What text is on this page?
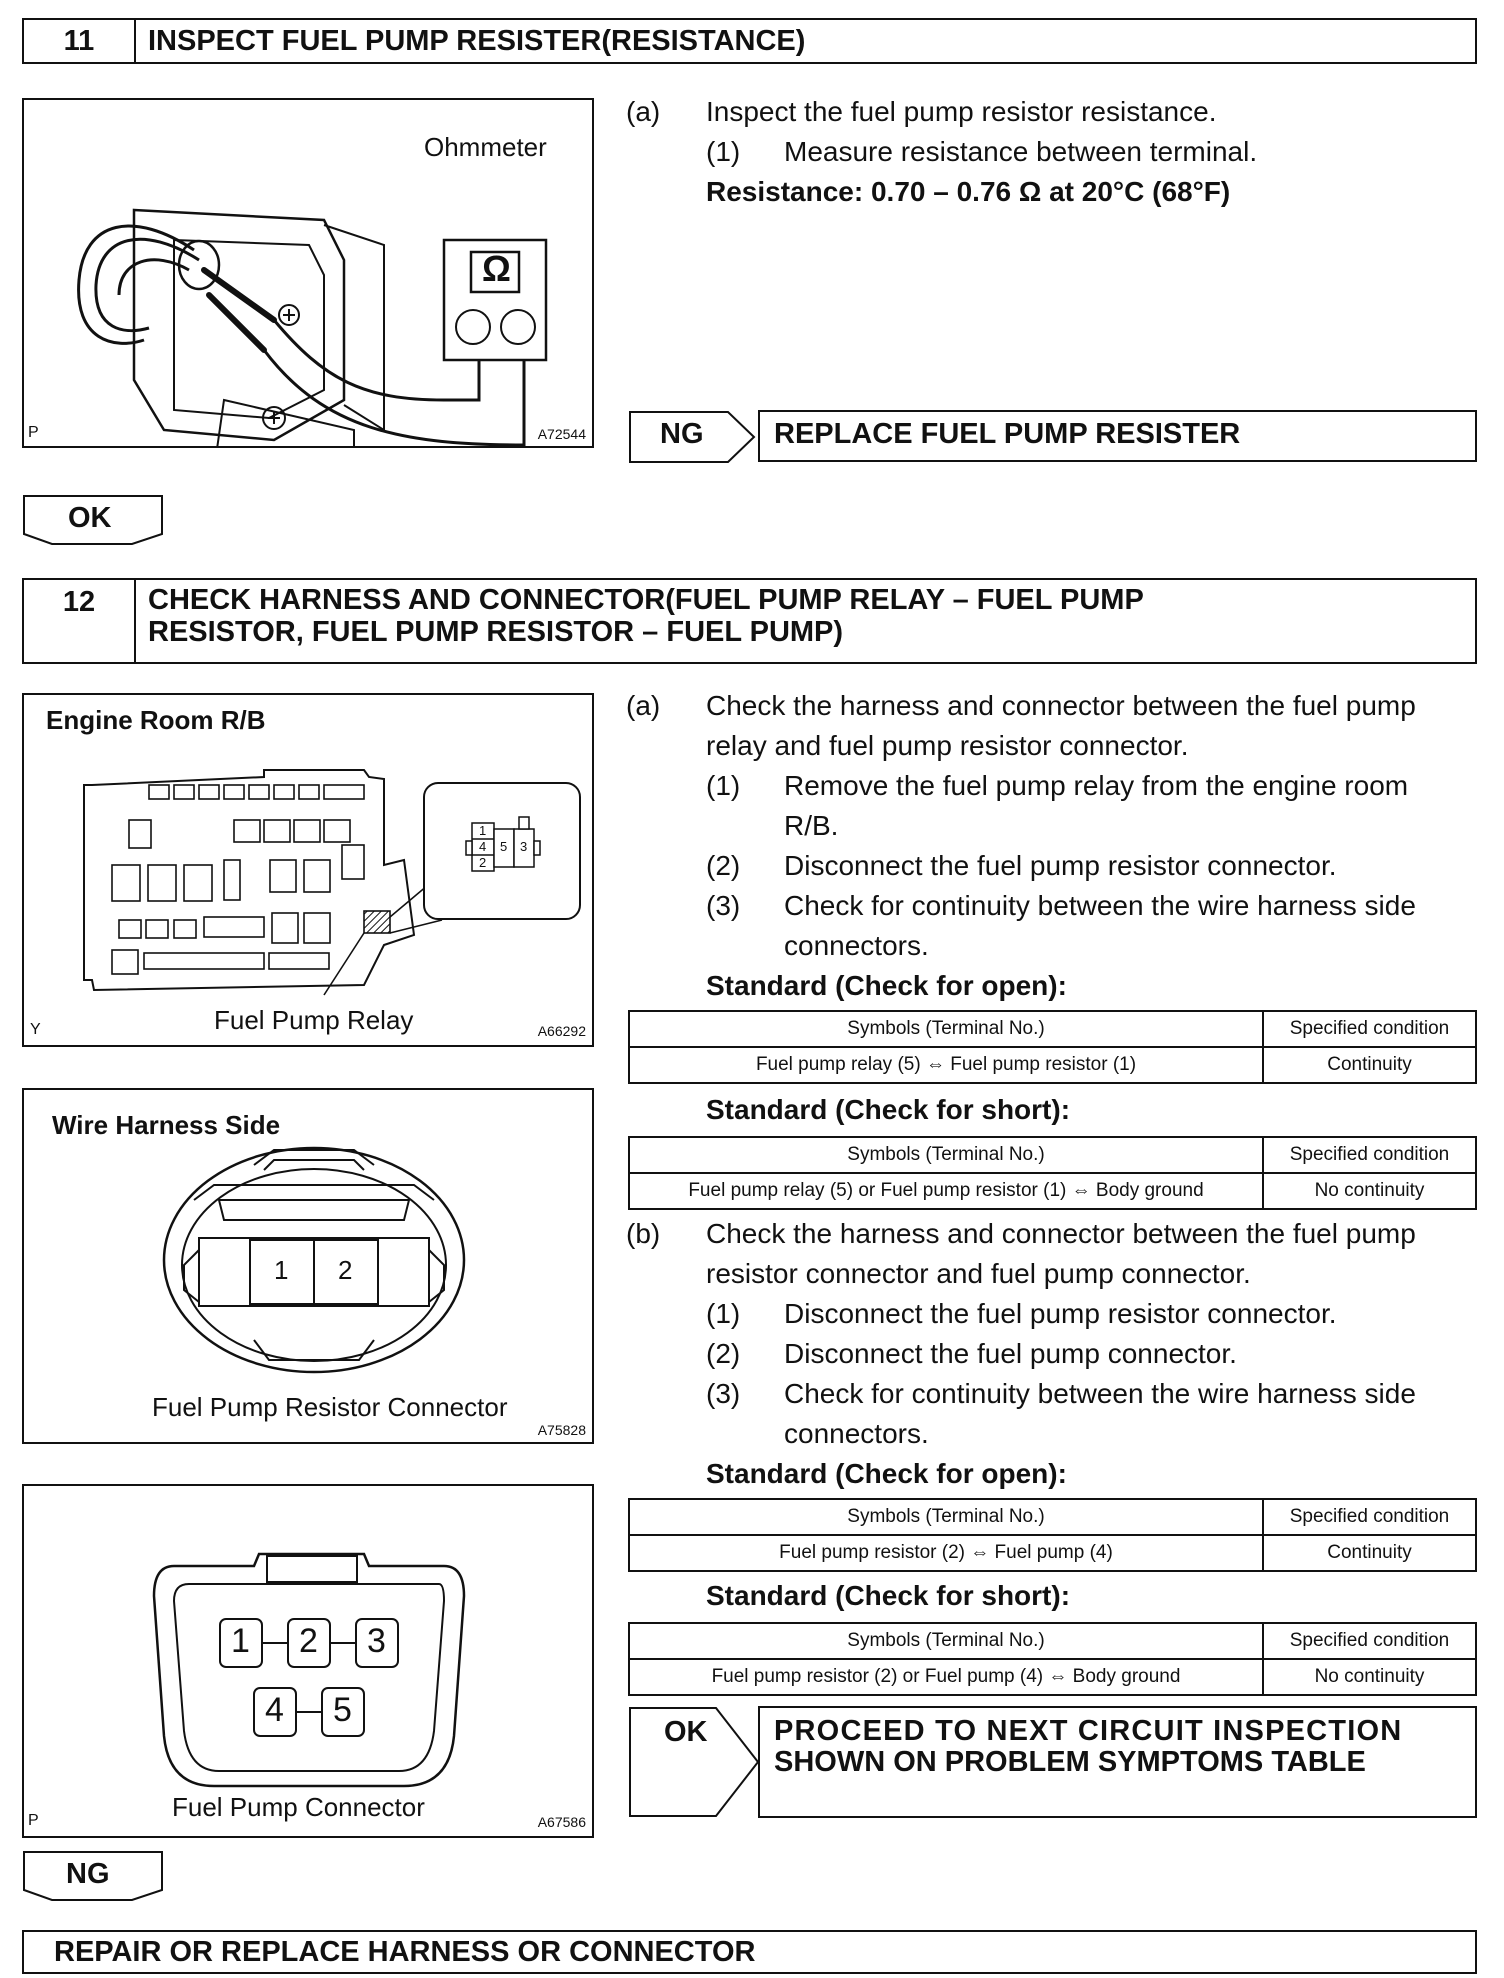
11	INSPECT FUEL PUMP RESISTER(RESISTANCE)
Ohmmeter
Ω
P	A72544
(a) Inspect the fuel pump resistor resistance.
(1) Measure resistance between terminal.
Resistance: 0.70 – 0.76 Ω at 20°C (68°F)
NG	REPLACE FUEL PUMP RESISTER
OK
12	CHECK HARNESS AND CONNECTOR(FUEL PUMP RELAY – FUEL PUMP
RESISTOR, FUEL PUMP RESISTOR – FUEL PUMP)
Engine Room R/B
1
4
2
5 3
Fuel Pump Relay
Y	A66292
Wire Harness Side
1 2
Fuel Pump Resistor Connector
A75828
1 2 3
4 5
Fuel Pump Connector
P	A67586
(a) Check the harness and connector between the fuel pump
relay and fuel pump resistor connector.
(1) Remove the fuel pump relay from the engine room
R/B.
(2) Disconnect the fuel pump resistor connector.
(3) Check for continuity between the wire harness side
connectors.
Standard (Check for open):
Symbols (Terminal No.)	Specified condition
Fuel pump relay (5) ⇔ Fuel pump resistor (1)	Continuity
Standard (Check for short):
Symbols (Terminal No.)	Specified condition
Fuel pump relay (5) or Fuel pump resistor (1) ⇔ Body ground	No continuity
(b) Check the harness and connector between the fuel pump
resistor connector and fuel pump connector.
(1) Disconnect the fuel pump resistor connector.
(2) Disconnect the fuel pump connector.
(3) Check for continuity between the wire harness side
connectors.
Standard (Check for open):
Symbols (Terminal No.)	Specified condition
Fuel pump resistor (2) ⇔ Fuel pump (4)	Continuity
Standard (Check for short):
Symbols (Terminal No.)	Specified condition
Fuel pump resistor (2) or Fuel pump (4) ⇔ Body ground	No continuity
OK PROCEED TO NEXT CIRCUIT INSPECTION
SHOWN ON PROBLEM SYMPTOMS TABLE
NG
REPAIR OR REPLACE HARNESS OR CONNECTOR
